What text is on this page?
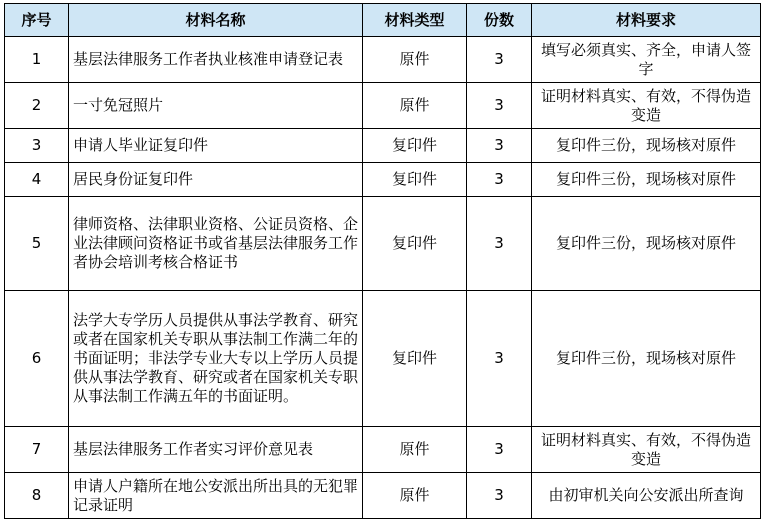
序号	材料名称	材料类型	份数	材料要求
1	基层法律服务工作者执业核准申请登记表	原件	3	填写必须真实、齐全，申请人签字
2	一寸免冠照片	原件	3	证明材料真实、有效，不得伪造变造
3	申请人毕业证复印件	复印件	3	复印件三份，现场核对原件
4	居民身份证复印件	复印件	3	复印件三份，现场核对原件
5	律师资格、法律职业资格、公证员资格、企业法律顾问资格证书或省基层法律服务工作者协会培训考核合格证书	复印件	3	复印件三份，现场核对原件
6	法学大专学历人员提供从事法学教育、研究或者在国家机关专职从事法制工作满二年的书面证明；非法学专业大专以上学历人员提供从事法学教育、研究或者在国家机关专职从事法制工作满五年的书面证明。	复印件	3	复印件三份，现场核对原件
7	基层法律服务工作者实习评价意见表	原件	3	证明材料真实、有效，不得伪造变造
8	申请人户籍所在地公安派出所出具的无犯罪记录证明	原件	3	由初审机关向公安派出所查询
